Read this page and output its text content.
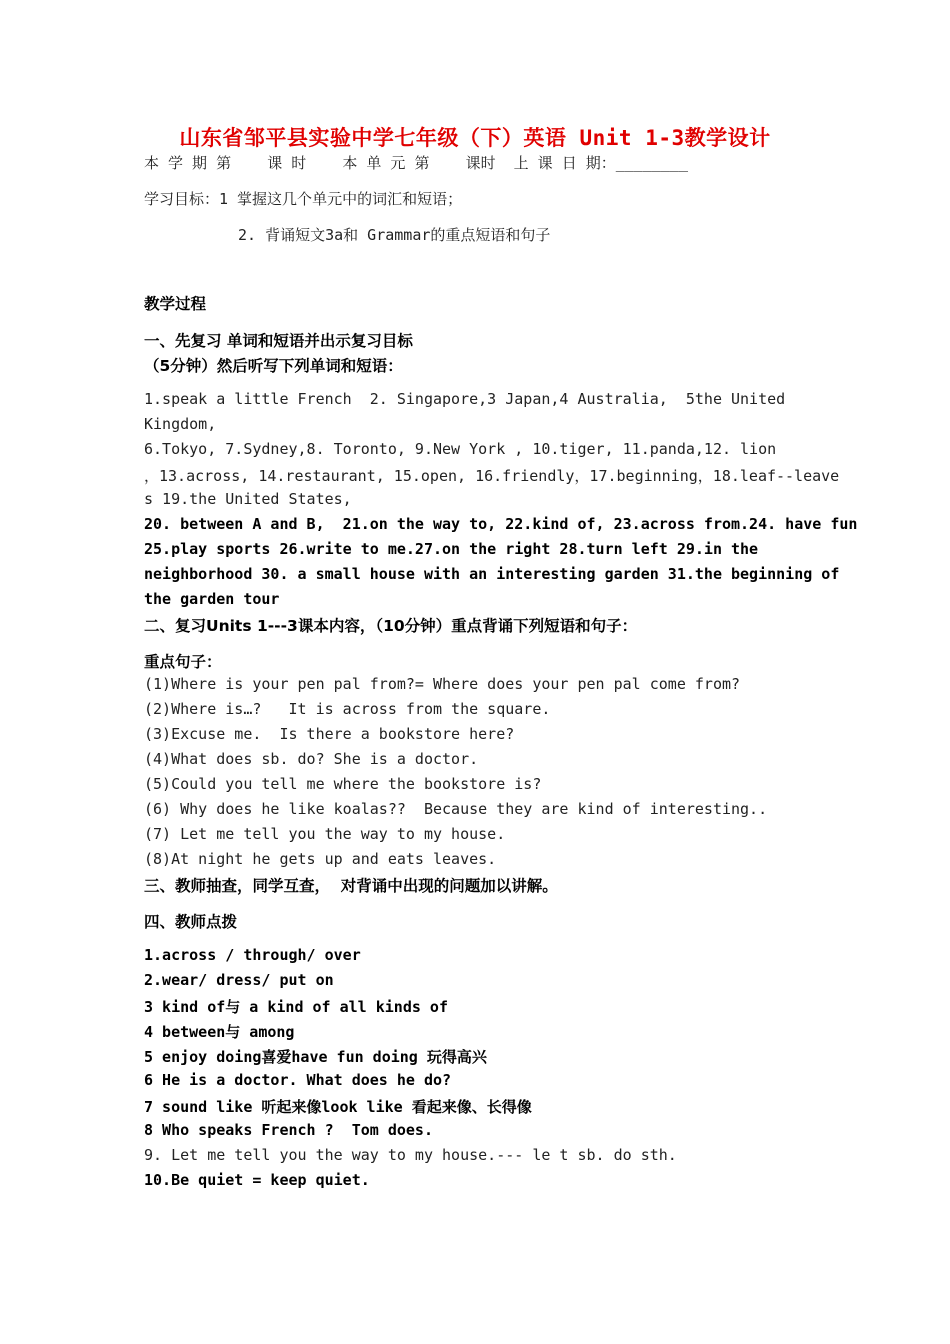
山东省邹平县实验中学七年级（下）英语 Unit 1-3教学设计
本 学 期 第    课 时    本 单 元 第    课时  上 课 日 期：________
学习目标：1 掌握这几个单元中的词汇和短语；
2. 背诵短文3a和 Grammar的重点短语和句子
教学过程
一、先复习 单词和短语并出示复习目标
（5分钟）然后听写下列单词和短语：
1.speak a little French  2. Singapore,3 Japan,4 Australia,  5the United
Kingdom,
6.Tokyo, 7.Sydney,8. Toronto, 9.New York , 10.tiger, 11.panda,12. lion
，13.across, 14.restaurant, 15.open, 16.friendly，17.beginning，18.leaf--leave
s 19.the United States,
20. between A and B,  21.on the way to, 22.kind of, 23.across from.24. have fun
25.play sports 26.write to me.27.on the right 28.turn left 29.in the
neighborhood 30. a small house with an interesting garden 31.the beginning of
the garden tour
二、复习Units 1---3课本内容，（10分钟）重点背诵下列短语和句子：
重点句子：
(1)Where is your pen pal from?= Where does your pen pal come from?
(2)Where is…?   It is across from the square.
(3)Excuse me.  Is there a bookstore here?
(4)What does sb. do? She is a doctor.
(5)Could you tell me where the bookstore is?
(6) Why does he like koalas??  Because they are kind of interesting..
(7) Let me tell you the way to my house.
(8)At night he gets up and eats leaves.
三、教师抽查，同学互查，  对背诵中出现的问题加以讲解。
四、教师点拨
1.across / through/ over
2.wear/ dress/ put on
3 kind of与 a kind of all kinds of
4 between与 among
5 enjoy doing喜爱have fun doing 玩得高兴
6 He is a doctor. What does he do?
7 sound like 听起来像look like 看起来像、长得像
8 Who speaks French ?  Tom does.
9. Let me tell you the way to my house.--- le t sb. do sth.
10.Be quiet = keep quiet.
